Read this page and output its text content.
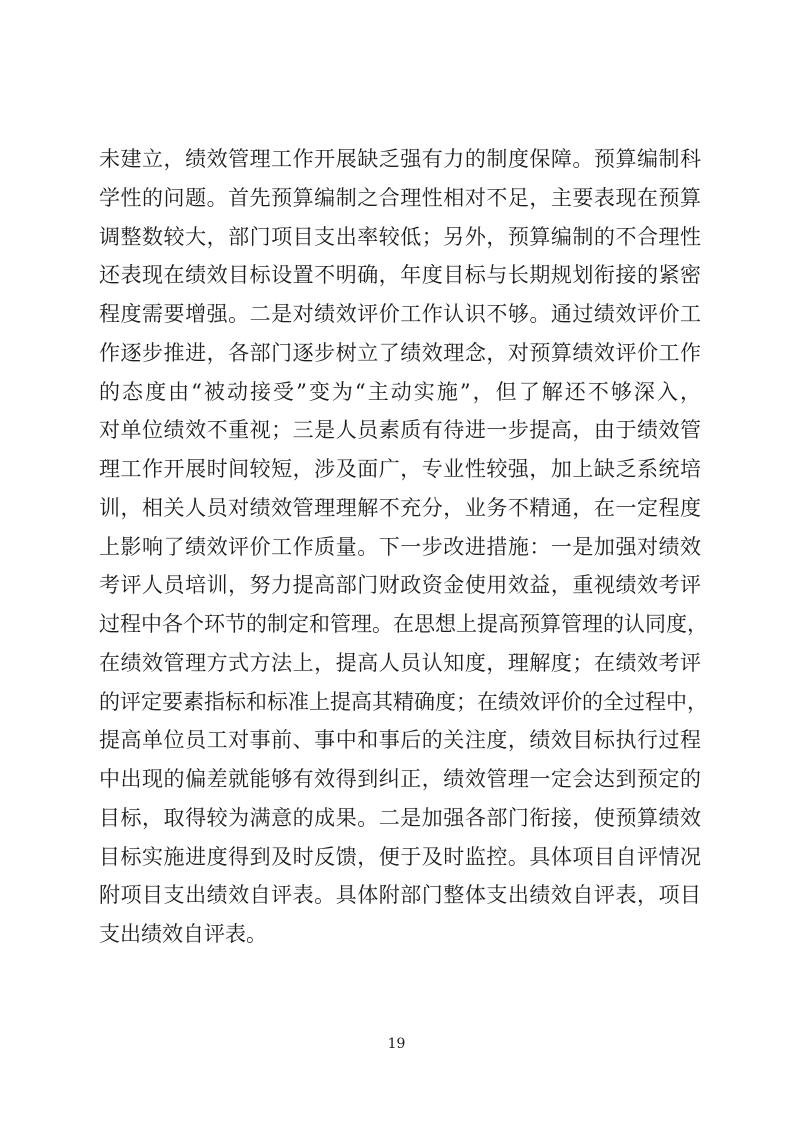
未建立，绩效管理工作开展缺乏强有力的制度保障。预算编制科
学性的问题。首先预算编制之合理性相对不足，主要表现在预算
调整数较大，部门项目支出率较低；另外，预算编制的不合理性
还表现在绩效目标设置不明确，年度目标与长期规划衔接的紧密
程度需要增强。二是对绩效评价工作认识不够。通过绩效评价工
作逐步推进，各部门逐步树立了绩效理念，对预算绩效评价工作
的态度由“被动接受”变为“主动实施”，但了解还不够深入，
对单位绩效不重视；三是人员素质有待进一步提高，由于绩效管
理工作开展时间较短，涉及面广，专业性较强，加上缺乏系统培
训，相关人员对绩效管理理解不充分，业务不精通，在一定程度
上影响了绩效评价工作质量。下一步改进措施：一是加强对绩效
考评人员培训，努力提高部门财政资金使用效益，重视绩效考评
过程中各个环节的制定和管理。在思想上提高预算管理的认同度，
在绩效管理方式方法上，提高人员认知度，理解度；在绩效考评
的评定要素指标和标准上提高其精确度；在绩效评价的全过程中，
提高单位员工对事前、事中和事后的关注度，绩效目标执行过程
中出现的偏差就能够有效得到纠正，绩效管理一定会达到预定的
目标，取得较为满意的成果。二是加强各部门衔接，使预算绩效
目标实施进度得到及时反馈，便于及时监控。具体项目自评情况
附项目支出绩效自评表。具体附部门整体支出绩效自评表，项目
支出绩效自评表。
19
